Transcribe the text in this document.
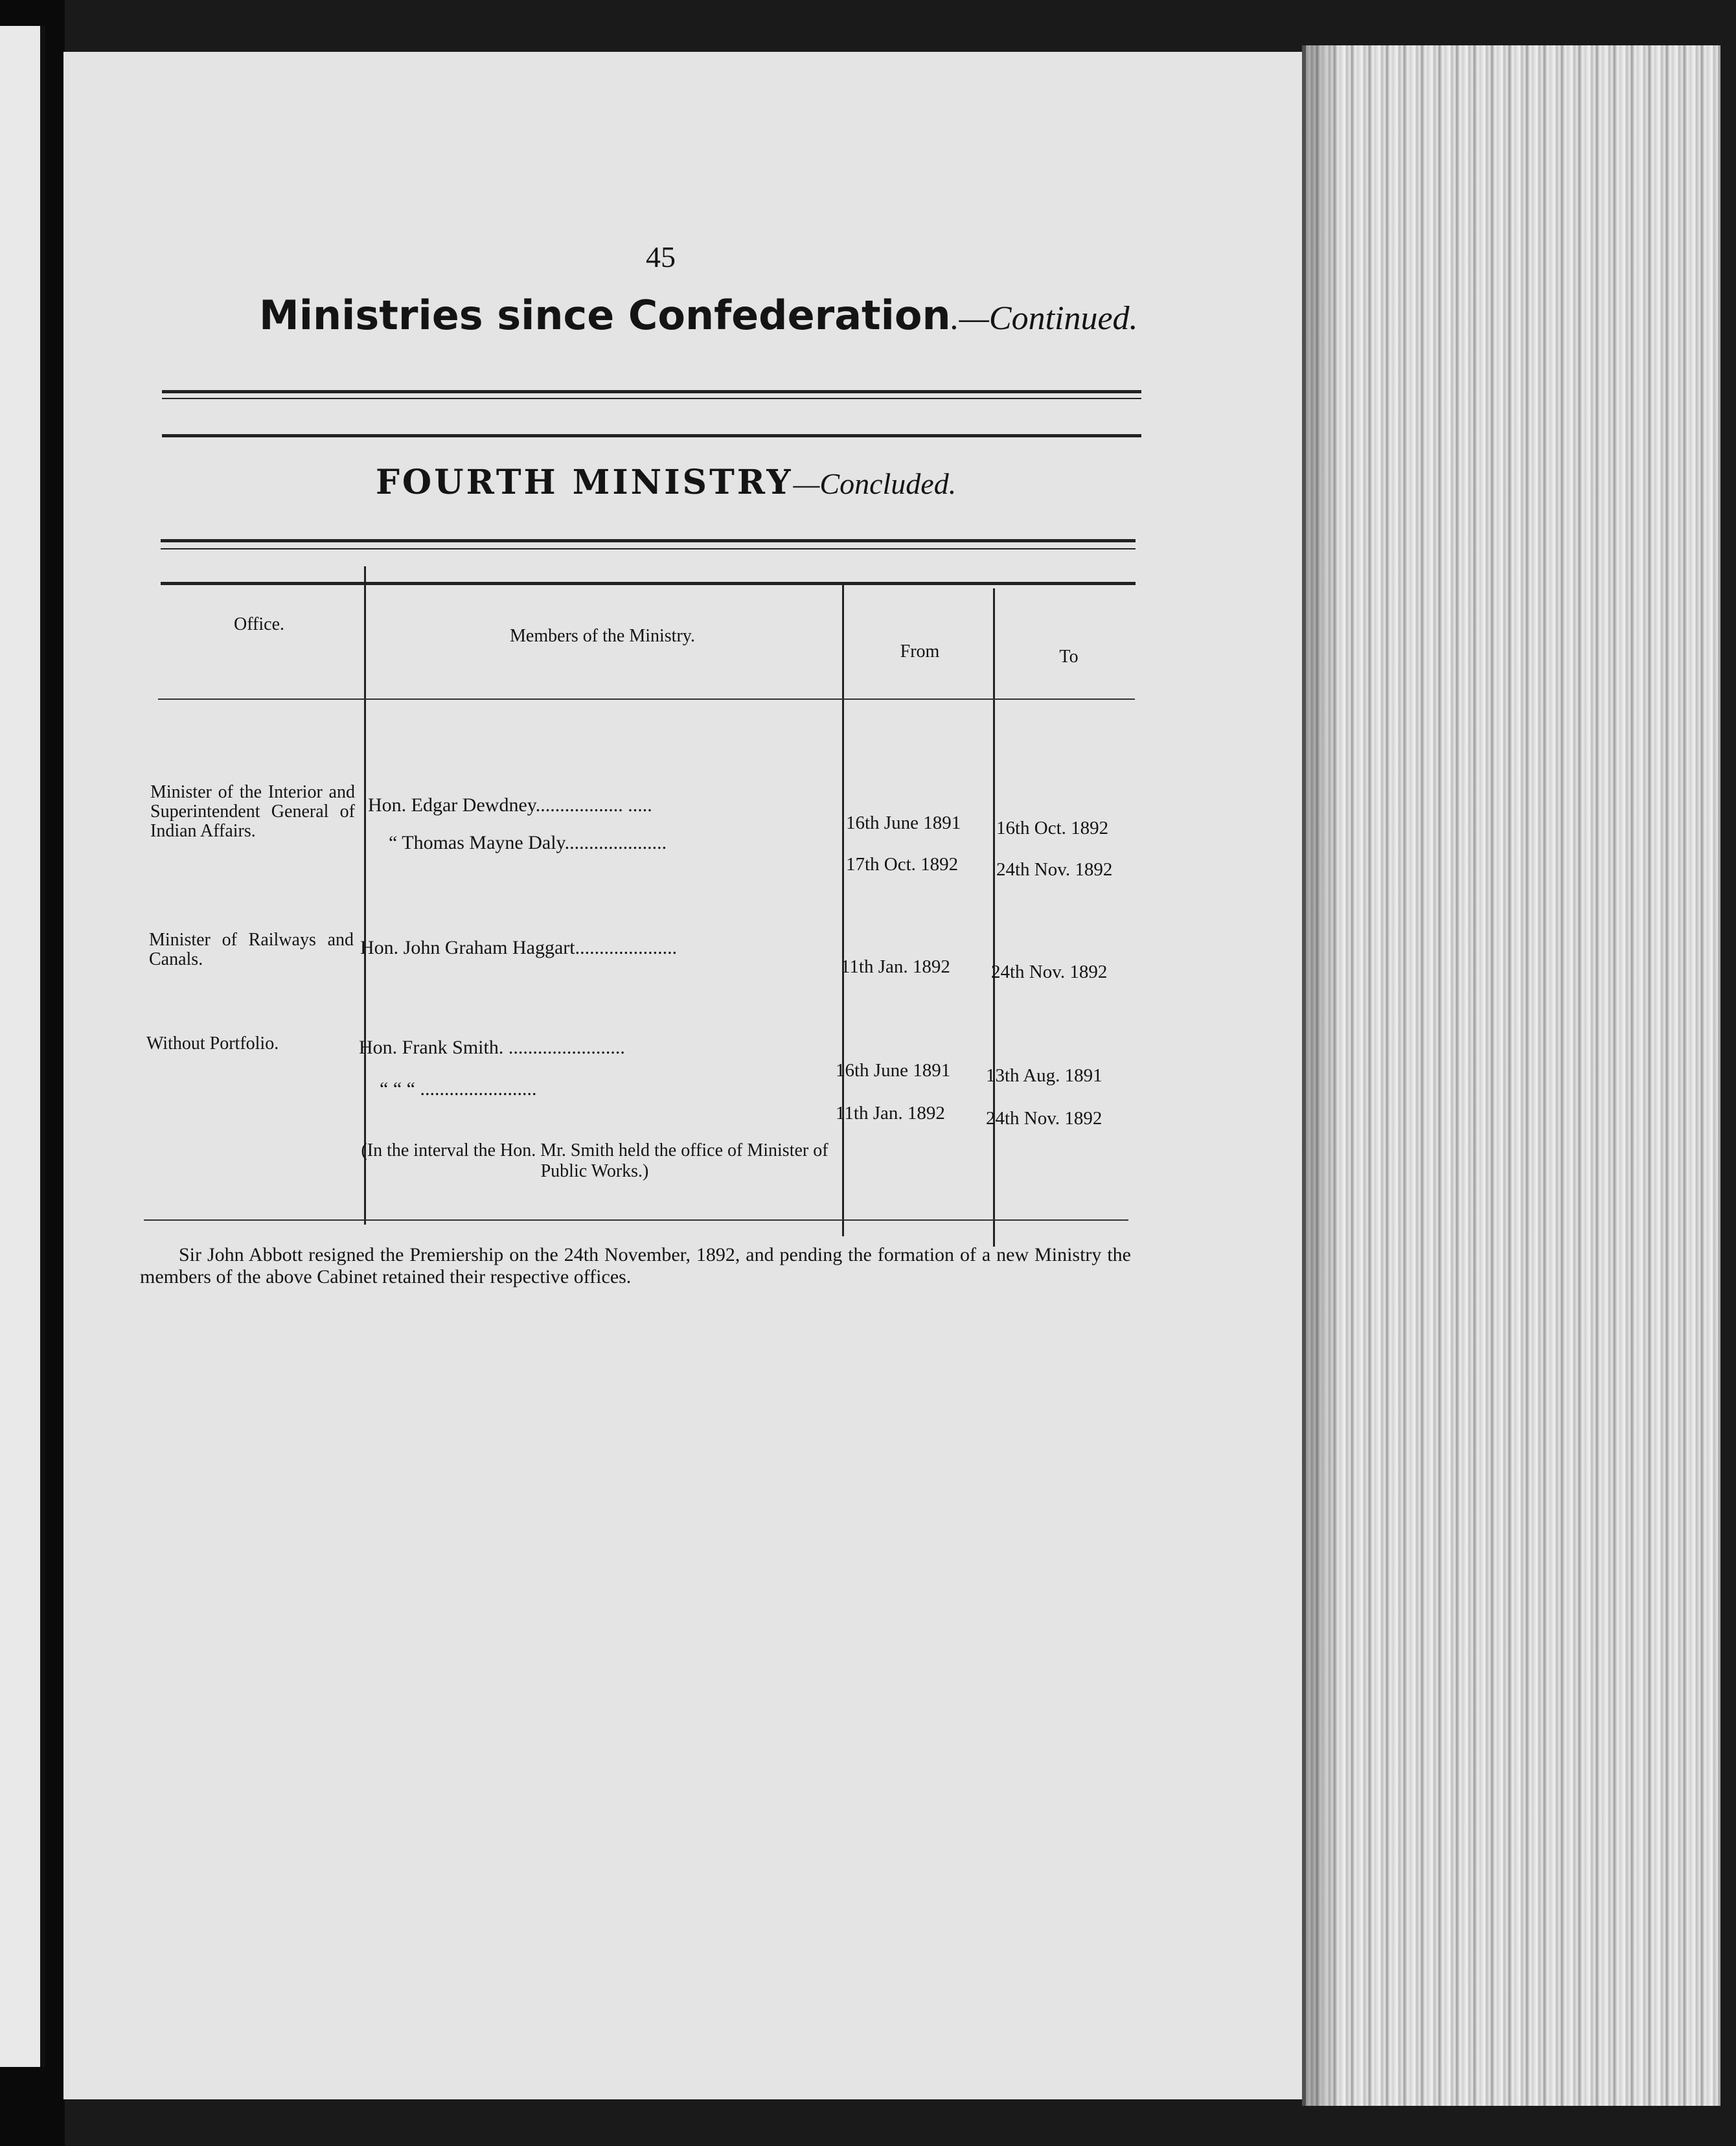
45
Ministries since Confederation.—Continued.
FOURTH MINISTRY—Concluded.
Office.
Members of the Ministry.
From	To
Minister of the Interior and Superintendent General of Indian Affairs.
Hon. Edgar Dewdney.................. .....
16th June 1891 16th Oct. 1892
“ Thomas Mayne Daly.....................
17th Oct. 1892 24th Nov. 1892
Minister of Railways and Canals.
Hon. John Graham Haggart.....................
11th Jan. 1892 24th Nov. 1892
Without Portfolio.	Hon. Frank Smith. ........................
16th June 1891 13th Aug. 1891
“ “ “ ........................
11th Jan. 1892 24th Nov. 1892
(In the interval the Hon. Mr. Smith held the office of Minister of Public Works.)
Sir John Abbott resigned the Premiership on the 24th November, 1892, and pending the formation of a new Ministry the members of the above Cabinet retained their respective offices.
